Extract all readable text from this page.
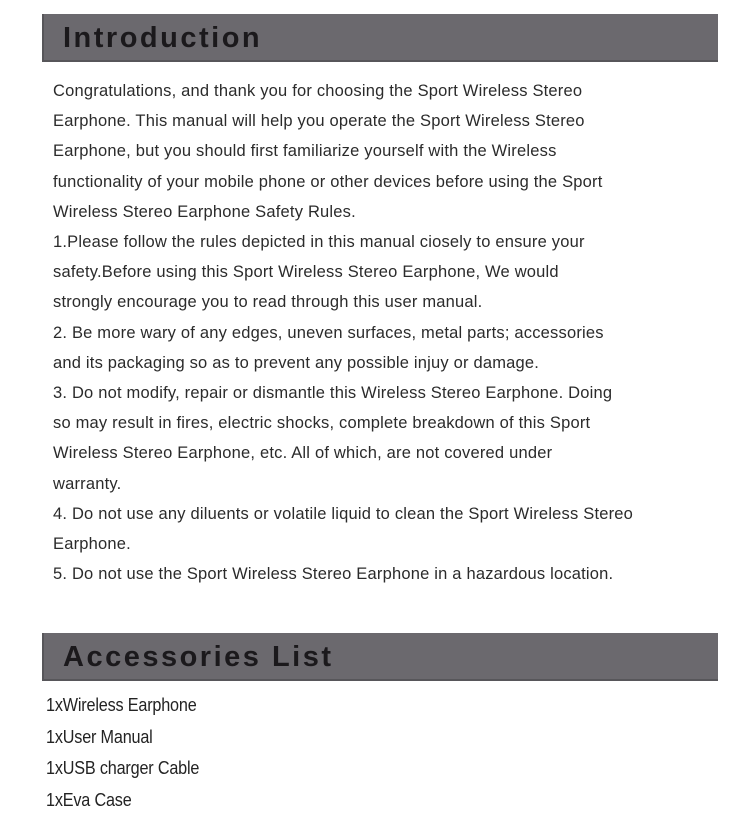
Introduction
Congratulations, and thank you for choosing the Sport Wireless Stereo
Earphone. This manual will help you operate the Sport Wireless Stereo
Earphone, but you should first familiarize yourself with the Wireless
functionality of your mobile phone or other devices before using the Sport
Wireless Stereo Earphone Safety Rules.
1.Please follow the rules depicted in this manual ciosely to ensure your
safety.Before using this Sport Wireless Stereo Earphone, We would
strongly encourage you to read through this user manual.
2. Be more wary of any edges, uneven surfaces, metal parts; accessories
and its packaging so as to prevent any possible injuy or damage.
3. Do not modify, repair or dismantle this Wireless Stereo Earphone. Doing
so may result in fires, electric shocks, complete breakdown of this Sport
Wireless Stereo Earphone, etc. All of which, are not covered under
warranty.
4. Do not use any diluents or volatile liquid to clean the Sport Wireless Stereo
Earphone.
5. Do not use the Sport Wireless Stereo Earphone in a hazardous location.
Accessories List
1xWireless Earphone
1xUser Manual
1xUSB charger Cable
1xEva Case
